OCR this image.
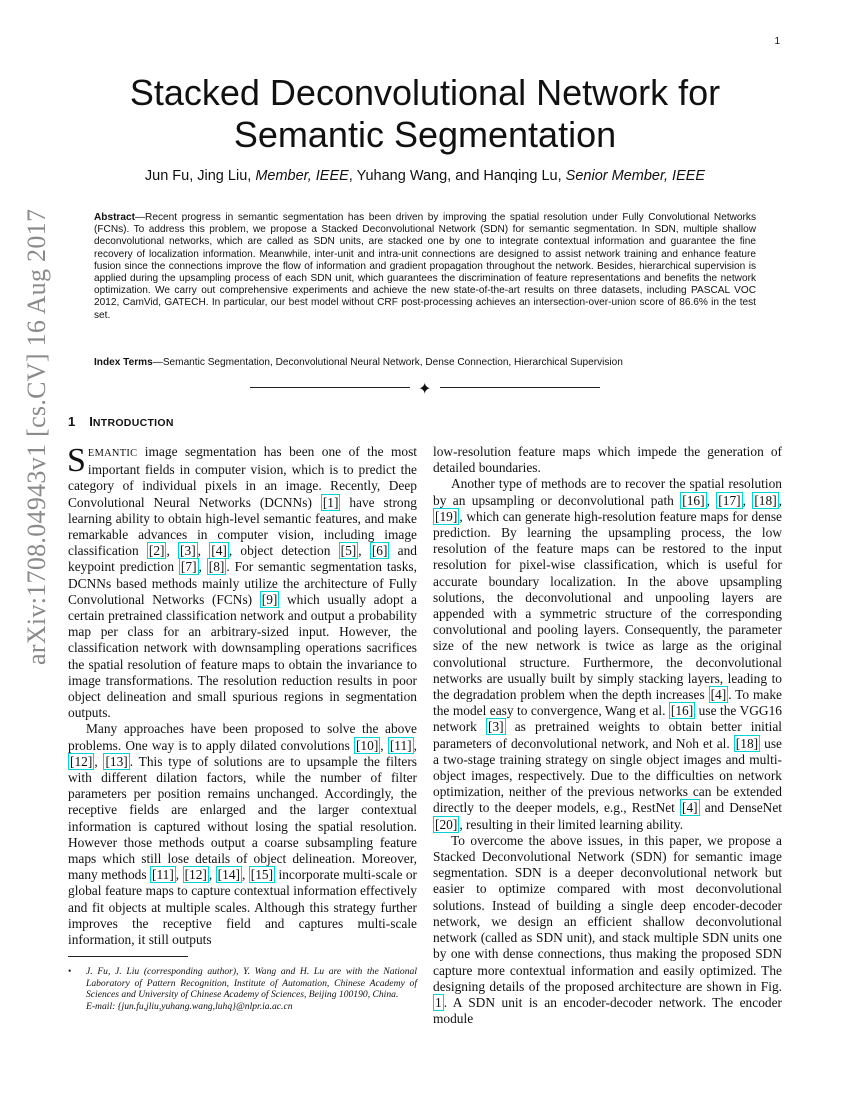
1
arXiv:1708.04943v1 [cs.CV] 16 Aug 2017
Stacked Deconvolutional Network for Semantic Segmentation
Jun Fu, Jing Liu, Member, IEEE, Yuhang Wang, and Hanqing Lu, Senior Member, IEEE

Abstract—Recent progress in semantic segmentation has been driven by improving the spatial resolution under Fully Convolutional Networks (FCNs). To address this problem, we propose a Stacked Deconvolutional Network (SDN) for semantic segmentation. In SDN, multiple shallow deconvolutional networks, which are called as SDN units, are stacked one by one to integrate contextual information and guarantee the fine recovery of localization information. Meanwhile, inter-unit and intra-unit connections are designed to assist network training and enhance feature fusion since the connections improve the flow of information and gradient propagation throughout the network. Besides, hierarchical supervision is applied during the upsampling process of each SDN unit, which guarantees the discrimination of feature representations and benefits the network optimization. We carry out comprehensive experiments and achieve the new state-of-the-art results on three datasets, including PASCAL VOC 2012, CamVid, GATECH. In particular, our best model without CRF post-processing achieves an intersection-over-union score of 86.6% in the test set.

Index Terms—Semantic Segmentation, Deconvolutional Neural Network, Dense Connection, Hierarchical Supervision
✦
1 INTRODUCTION

SEMANTIC image segmentation has been one of the most important fields in computer vision, which is to predict the category of individual pixels in an image. Recently, Deep Convolutional Neural Networks (DCNNs) [1] have strong learning ability to obtain high-level semantic features, and make remarkable advances in computer vision, including image classification [2] , [3] , [4] , object detection [5] , [6] and keypoint prediction [7] , [8] . For semantic segmentation tasks, DCNNs based methods mainly utilize the architecture of Fully Convolutional Networks (FCNs) [9] which usually adopt a certain pretrained classification network and output a probability map per class for an arbitrary-sized input. However, the classification network with downsampling operations sacrifices the spatial resolution of feature maps to obtain the invariance to image transformations. The resolution reduction results in poor object delineation and small spurious regions in segmentation outputs.

Many approaches have been proposed to solve the above problems. One way is to apply dilated convolutions [10] , [11] , [12] , [13] . This type of solutions are to upsample the filters with different dilation factors, while the number of filter parameters per position remains unchanged. Accordingly, the receptive fields are enlarged and the larger contextual information is captured without losing the spatial resolution. However those methods output a coarse subsampling feature maps which still lose details of object delineation. Moreover, many methods [11] , [12] , [14] , [15] incorporate multi-scale or global feature maps to capture contextual information effectively and fit objects at multiple scales. Although this strategy further improves the receptive field and captures multi-scale information, it still outputs

low-resolution feature maps which impede the generation of detailed boundaries.

Another type of methods are to recover the spatial resolution by an upsampling or deconvolutional path [16] , [17] , [18] , [19] , which can generate high-resolution feature maps for dense prediction. By learning the upsampling process, the low resolution of the feature maps can be restored to the input resolution for pixel-wise classification, which is useful for accurate boundary localization. In the above upsampling solutions, the deconvolutional and unpooling layers are appended with a symmetric structure of the corresponding convolutional and pooling layers. Consequently, the parameter size of the new network is twice as large as the original convolutional structure. Furthermore, the deconvolutional networks are usually built by simply stacking layers, leading to the degradation problem when the depth increases [4] . To make the model easy to convergence, Wang et al. [16] use the VGG16 network [3] as pretrained weights to obtain better initial parameters of deconvolutional network, and Noh et al. [18] use a two-stage training strategy on single object images and multi-object images, respectively. Due to the difficulties on network optimization, neither of the previous networks can be extended directly to the deeper models, e.g., RestNet [4] and DenseNet [20] , resulting in their limited learning ability.

To overcome the above issues, in this paper, we propose a Stacked Deconvolutional Network (SDN) for semantic image segmentation. SDN is a deeper deconvolutional network but easier to optimize compared with most deconvolutional solutions. Instead of building a single deep encoder-decoder network, we design an efficient shallow deconvolutional network (called as SDN unit), and stack multiple SDN units one by one with dense connections, thus making the proposed SDN capture more contextual information and easily optimized. The designing details of the proposed architecture are shown in Fig. 1 . A SDN unit is an encoder-decoder network. The encoder module

• J. Fu, J. Liu (corresponding author), Y. Wang and H. Lu are with the National Laboratory of Pattern Recognition, Institute of Automation, Chinese Academy of Sciences and University of Chinese Academy of Sciences, Beijing 100190, China.
E-mail: {jun.fu,jliu,yuhang.wang,luhq}@nlpr.ia.ac.cn
